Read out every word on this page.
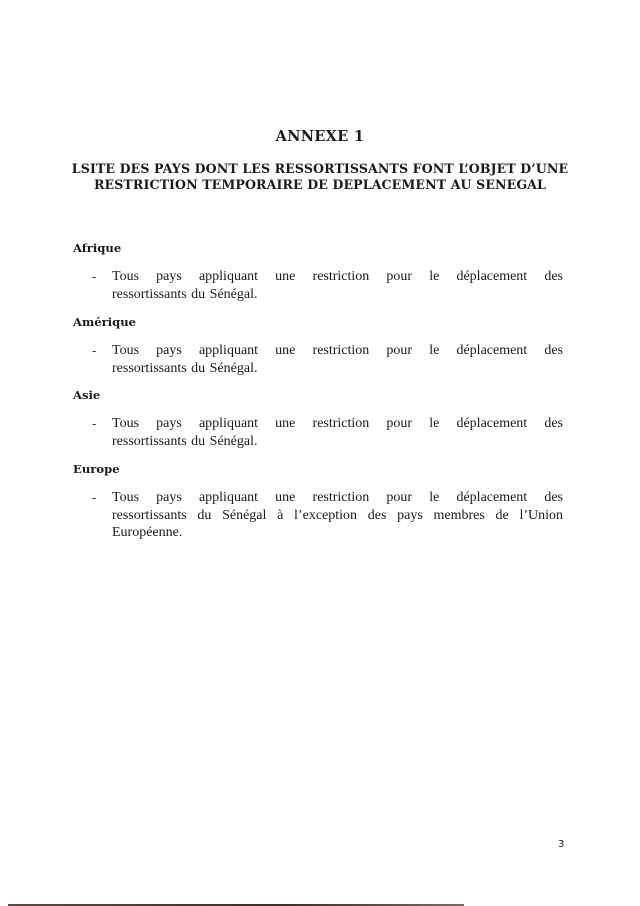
ANNEXE 1
LSITE DES PAYS DONT LES RESSORTISSANTS FONT L’OBJET D’UNE RESTRICTION TEMPORAIRE DE DEPLACEMENT AU SENEGAL
Afrique
- Tous pays appliquant une restriction pour le déplacement des
ressortissants du Sénégal.
Amérique
- Tous pays appliquant une restriction pour le déplacement des
ressortissants du Sénégal.
Asie
- Tous pays appliquant une restriction pour le déplacement des
ressortissants du Sénégal.
Europe
- Tous pays appliquant une restriction pour le déplacement des
ressortissants du Sénégal à l’exception des pays membres de l’Union Européenne.
3
